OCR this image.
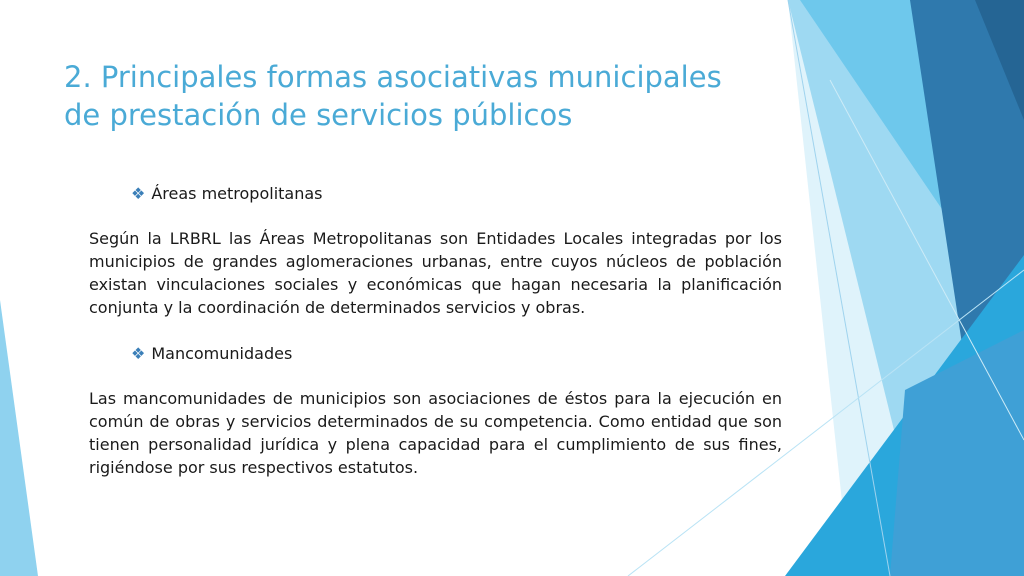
2. Principales formas asociativas municipales
de prestación de servicios públicos

❖ Áreas metropolitanas

Según la LRBRL las Áreas Metropolitanas son Entidades Locales integradas por los municipios de grandes aglomeraciones urbanas, entre cuyos núcleos de población existan vinculaciones sociales y económicas que hagan necesaria la planificación conjunta y la coordinación de determinados servicios y obras.

❖ Mancomunidades

Las mancomunidades de municipios son asociaciones de éstos para la ejecución en común de obras y servicios determinados de su competencia. Como entidad que son tienen personalidad jurídica y plena capacidad para el cumplimiento de sus fines, rigiéndose por sus respectivos estatutos.
